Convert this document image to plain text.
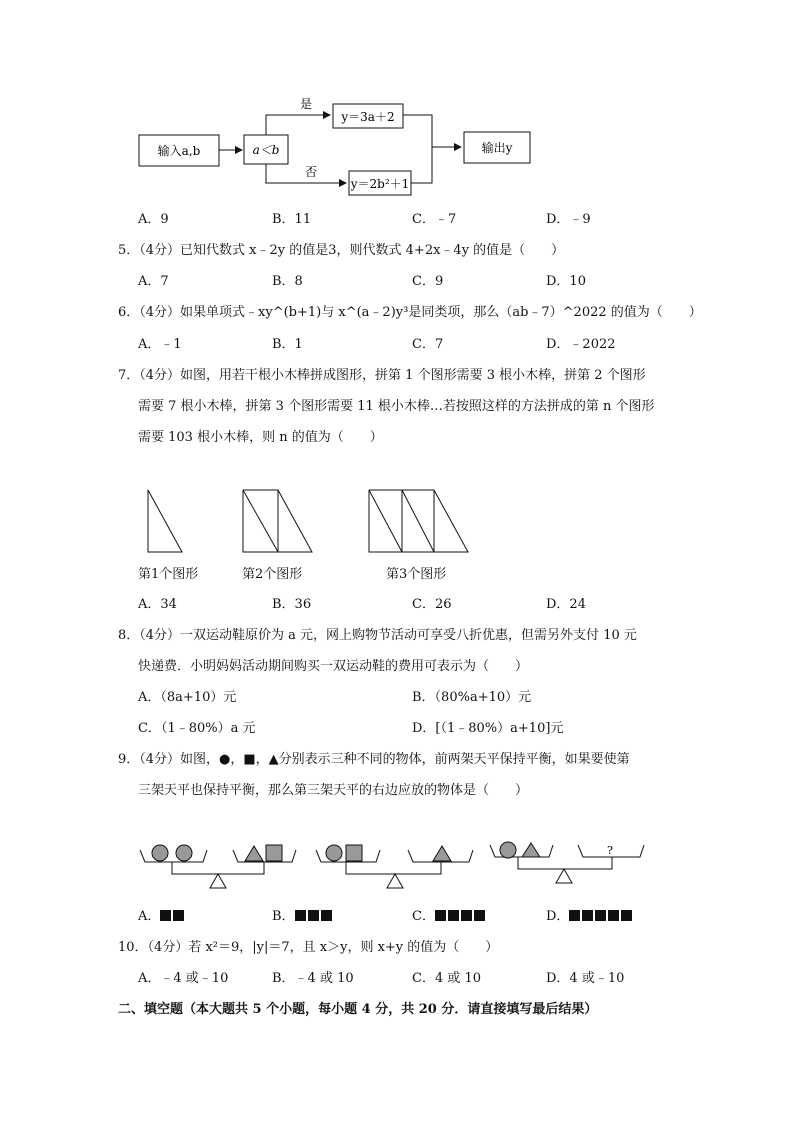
输入a,b	a＜b
是
否
y＝3a＋2
y＝2b²＋1
输出y
A．9	B．11	C．﹣7	D．﹣9
5．（4分）已知代数式 x﹣2y 的值是3，则代数式 4+2x﹣4y 的值是（　　）
A．7	B．8	C．9	D．10
6．（4分）如果单项式﹣xy^(b+1)与 x^(a﹣2)y³是同类项，那么（ab﹣7）^2022 的值为（　　）
A．﹣1	B．1	C．7	D．﹣2022
7．（4分）如图，用若干根小木棒拼成图形，拼第 1 个图形需要 3 根小木棒，拼第 2 个图形
需要 7 根小木棒，拼第 3 个图形需要 11 根小木棒…若按照这样的方法拼成的第 n 个图形
需要 103 根小木棒，则 n 的值为（　　）
第1个图形	第2个图形	第3个图形
A．34	B．36	C．26	D．24
8．（4分）一双运动鞋原价为 a 元，网上购物节活动可享受八折优惠，但需另外支付 10 元
快递费．小明妈妈活动期间购买一双运动鞋的费用可表示为（　　）
A．（8a+10）元	B．（80%a+10）元
C．（1﹣80%）a 元	D．[（1﹣80%）a+10]元
9．（4分）如图，●，■，▲分别表示三种不同的物体，前两架天平保持平衡，如果要使第
三架天平也保持平衡，那么第三架天平的右边应放的物体是（　　）
?
A．	B．	C．	D．
10．（4分）若 x²＝9，|y|＝7，且 x＞y，则 x+y 的值为（　　）
A．﹣4 或﹣10	B．﹣4 或 10	C．4 或 10	D．4 或﹣10
二、填空题（本大题共 5 个小题，每小题 4 分，共 20 分．请直接填写最后结果）
